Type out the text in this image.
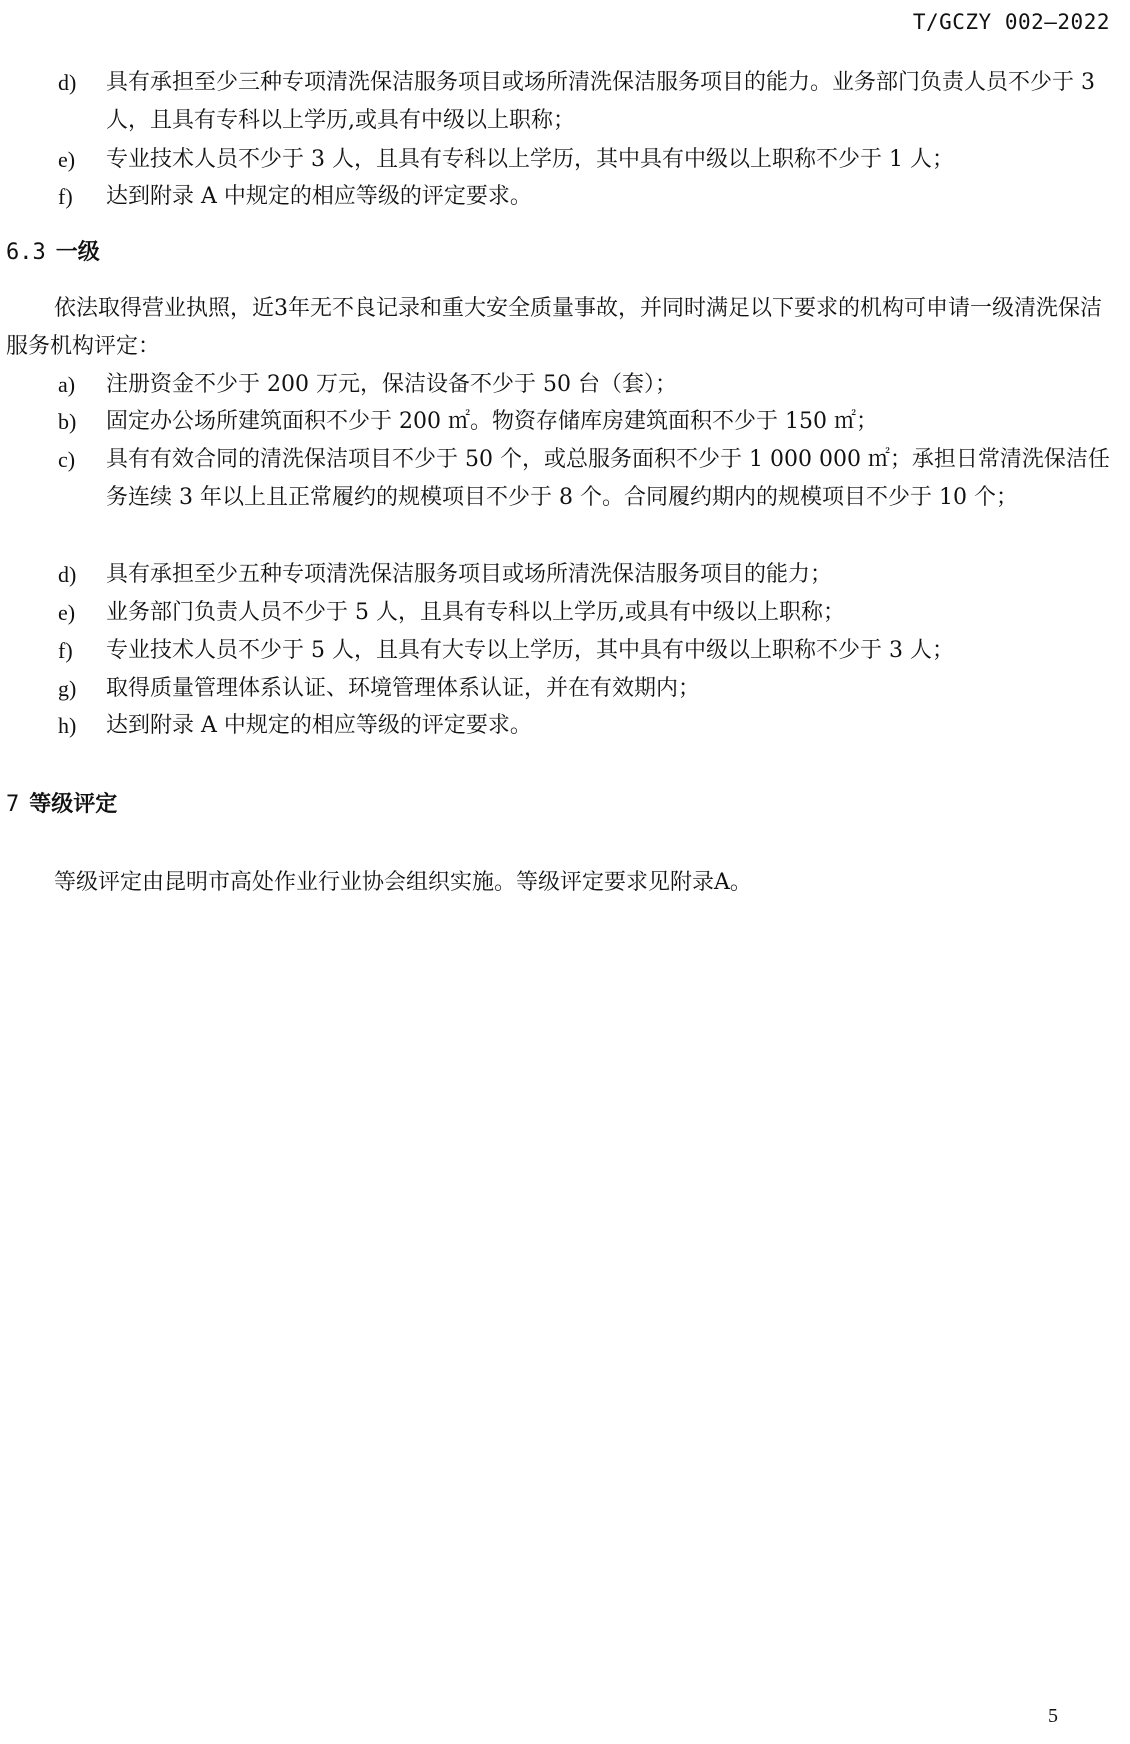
T/GCZY 002—2022
d)	具有承担至少三种专项清洗保洁服务项目或场所清洗保洁服务项目的能力。业务部门负责人员不少于 3 人，且具有专科以上学历,或具有中级以上职称；
e)	专业技术人员不少于 3 人，且具有专科以上学历，其中具有中级以上职称不少于 1 人；
f)	达到附录 A 中规定的相应等级的评定要求。
6.3 一级
依法取得营业执照，近3年无不良记录和重大安全质量事故，并同时满足以下要求的机构可申请一级清洗保洁服务机构评定：
a)	注册资金不少于 200 万元，保洁设备不少于 50 台（套）；
b)	固定办公场所建筑面积不少于 200 ㎡。物资存储库房建筑面积不少于 150 ㎡；
c)	具有有效合同的清洗保洁项目不少于 50 个，或总服务面积不少于 1 000 000 ㎡；承担日常清洗保洁任务连续 3 年以上且正常履约的规模项目不少于 8 个。合同履约期内的规模项目不少于 10 个；
d)	具有承担至少五种专项清洗保洁服务项目或场所清洗保洁服务项目的能力；
e)	业务部门负责人员不少于 5 人，且具有专科以上学历,或具有中级以上职称；
f)	专业技术人员不少于 5 人，且具有大专以上学历，其中具有中级以上职称不少于 3 人；
g)	取得质量管理体系认证、环境管理体系认证，并在有效期内；
h)	达到附录 A 中规定的相应等级的评定要求。
7 等级评定
等级评定由昆明市高处作业行业协会组织实施。等级评定要求见附录A。
5
